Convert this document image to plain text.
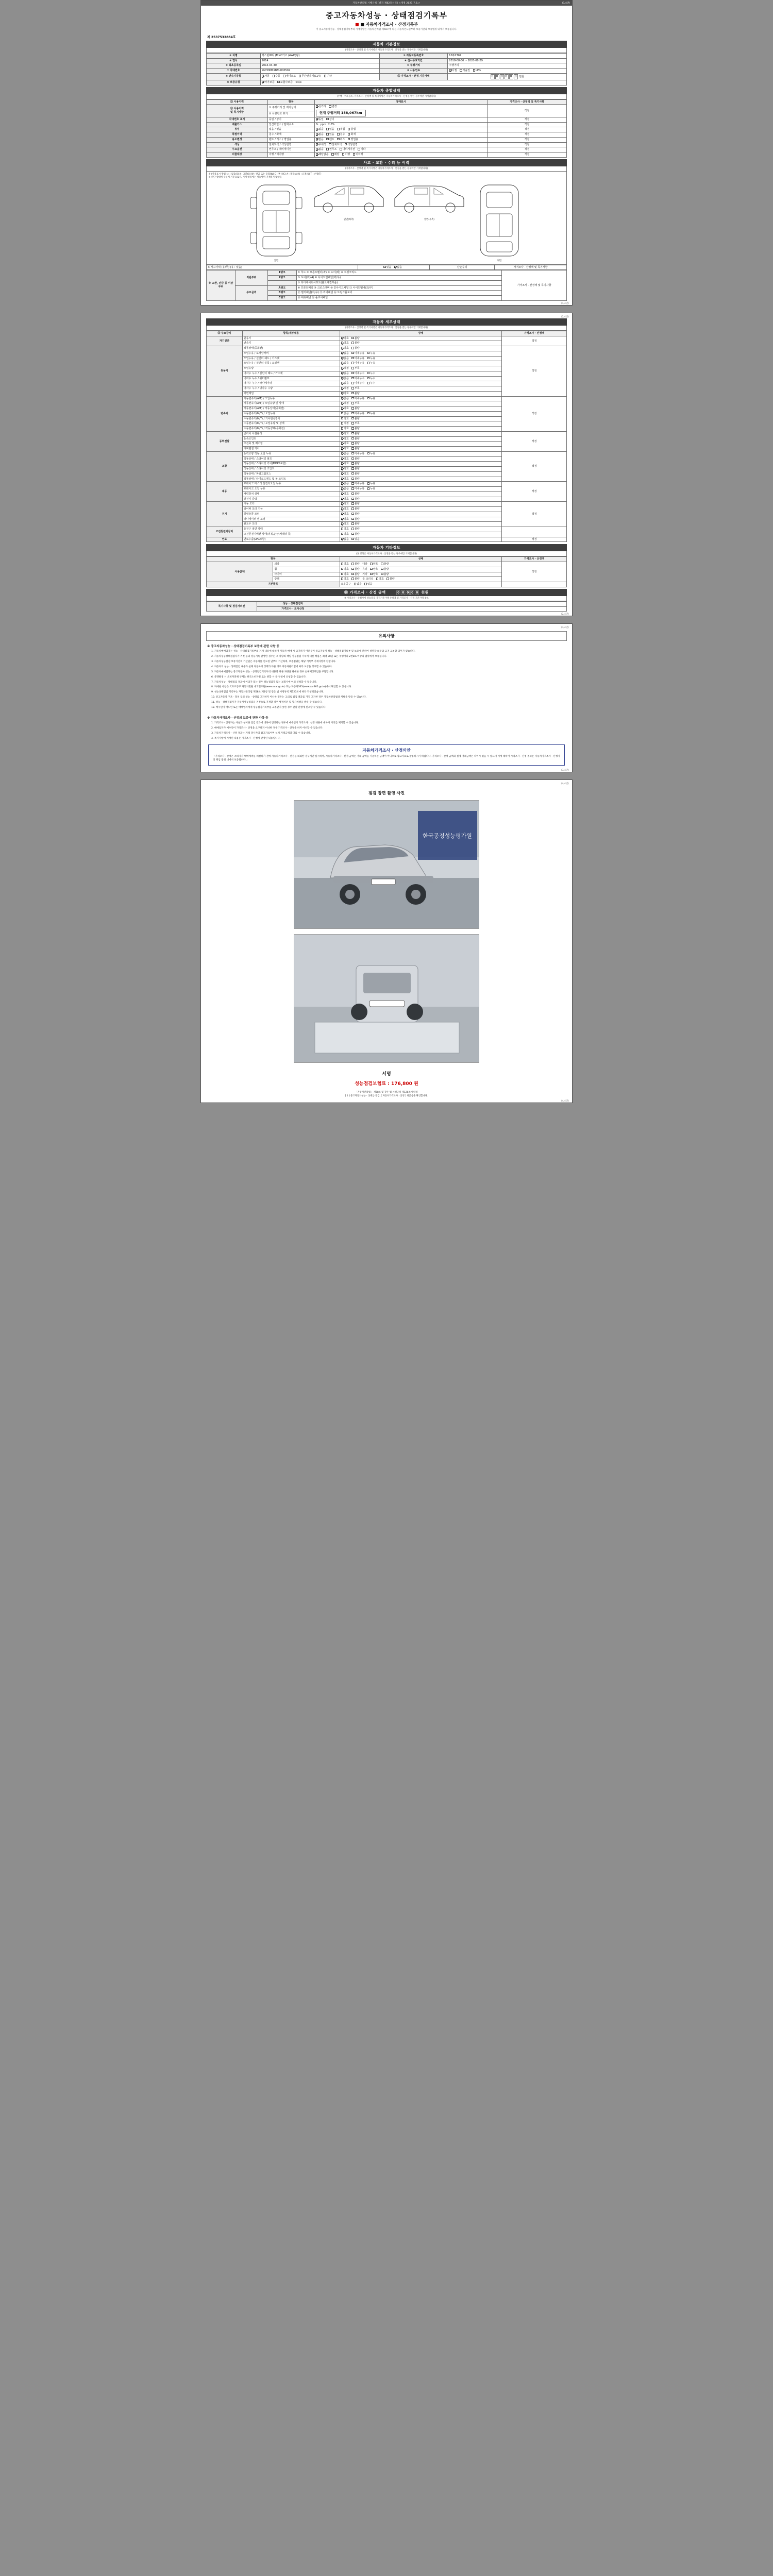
자동차관리법 시행규칙 [별지 제82호서식] <개정 2021.7.6.>	(1/4면)
중고자동차성능 · 상태점검기록부
■ ■ 자동차가격조사 · 산정기록부
이 중고자동차성능 · 상태점검기록부의 기재사항은 자동차관리법 제58조에 따른 자동차인도일부터 보증기간과 보증범위 내에서 보증됩니다.
제 2537532884호
자동차 기본정보
(가격조사 · 산정액 및 특기사항은 자동차가격조사 · 산정을 받는 경우에만 기재합니다)
① 차명	렉스턴W리 (M×C카고 (4WD)왕)	② 자동차등록번호	10투2767
③ 연식	2014	④ 검사유효기간	2018-08-30 ~ 2020-08-29
⑤ 최초등록일	2014-04-30	⑥ 주행거리	주행거리
⑦ 차대번호	KMHDM01BEU000502	⑧ 사용연료	디젤 가솔린 LPG
⑨ 변속기종류	자동 수동 세미오토 무단변속기(CVT) 기타	⑪ 가격조사 · 산정 기준가액	0 0 0 0 0 0 천원
⑩ 보증유형	자가보증 보험사보증 04㎞		
자동차 종합상태
(주행 · 주요골조, 가격조사 · 산정액 및 특기사항은 자동차가격조사 · 산정을 받는 경우에만 기재합니다)
⑫ 사용이력	항목	상태표시	가격조사 · 산정액 및 특기사항
⑫ 사용이력
및 특기사항	① 주행거리 및 계기상태	실거리 변경
현재 주행거리 158,067km	적정
	② 차량번호 표기		
차대번호 표기	동일 / 상이	동일 상이	적정
배출가스	일산화탄소 / 탄화수소	% ppm 2.0%	적정
튜닝	없음 / 있음	없음 있음 적법 불법	적정
특별이력	침수 / 화재	없음 있음 침수 화재	적정
용도변경	렌트 / 리스 / 영업용	없음 렌트 리스 영업용	적정
색상	전체도색 / 색상변경	무채색 전체도색 색상변경	적정
주요옵션	썬루프 / 내비게이션	없음 썬루프 내비게이션 기타	적정
리콜대상	이행 / 미이행	해당없음 해당 이행 미이행	적정
사고 · 교환 · 수리 등 이력
(가격조사 · 산정액 및 특기사항은 자동차가격조사 · 산정을 받는 경우에만 기재합니다)
※ (사용표시 방법) ○ : 없음(0) X : 교환(X) W : 판금 또는 용접(W) C : 부식(C) A : 흠집(A) U : 요철(U) T : 손상(T)
※ 하단 상태에 수불계 기준으로서, 기재 항목에는 성능행위 기재하지 않았음
앞면
옆면(좌측)	옆면(우측)
뒷면
※ 사고이력 (유/무) (유 : 있음)	있음 없음	단순수리	가격조사 · 산정액 및 특기사항
※ 교환, 판금 등 이상 부위	외판부위	1랭크	① 후드 ② 프론트휀더(좌) ③ 도어(좌) ④ 트렁크리드	가격조사 · 산정액 및 특기사항
		2랭크	⑤ 도어(우)(4) ⑥ 사이드씰패널(좌/우)	
			⑦ 라디에이터서포트(볼트체결부품)	
	주요골격	A랭크	⑧ 프론트패널 ⑨ 크로스멤버 ⑩ 인사이드패널 ⑪ 사이드멤버(좌/우)	
		B랭크	⑫ 필러패널(좌/우) ⑬ 리어패널 ⑭ 트렁크플로어	
		C랭크	⑮ 대쉬패널 ⑯ 플로어패널	
(1/4면)
(2/4면)
자동차 세부상태
(가격조사 · 산정액 및 특기사항은 자동차가격조사 · 산정을 받는 경우에만 기재합니다)
⑬ 주요장치	항목/세부내용	상태	가격조사 · 산정액
자기진단	원동기	양호 불량	적정
	변속기	양호 불량	
원동기	작동상태(공회전)	양호 불량	적정
	오일누유 / 로커암커버	없음 미세누유 누유	
	오일누유 / 실린더 헤드 / 가스켓	없음 미세누유 누유	
	오일누유 / 실린더 블록 / 오일팬	없음 미세누유 누유	
	오일유량	적정 부족	
	냉각수 누수 / 실린더 헤드 / 가스켓	없음 미세누수 누수	
	냉각수 누수 / 워터펌프	없음 미세누수 누수	
	냉각수 누수 / 라디에이터	없음 미세누수 누수	
	냉각수 누수 / 냉각수 수량	적정 부족	
	커먼레일	양호 불량	
변속기	자동변속기(A/T) / 오일누유	없음 미세누유 누유	적정
	자동변속기(A/T) / 오일유량 및 상태	적정 부족	
	자동변속기(A/T) / 작동상태(공회전)	양호 불량	
	수동변속기(M/T) / 오일누유	없음 미세누유 누유	
	수동변속기(M/T) / 기어변속장치	양호 불량	
	수동변속기(M/T) / 오일유량 및 상태	적정 부족	
	수동변속기(M/T) / 작동상태(공회전)	양호 불량	
동력전달	클러치 어셈블리	양호 불량	적정
	등속조인트	양호 불량	
	추진축 및 베어링	양호 불량	
	디퍼렌셜 기어	양호 불량	
조향	동력조향 작동 오일 누유	없음 미세누유 누유	적정
	작동상태 / 스티어링 펌프	양호 불량	
	작동상태 / 스티어링 기어(MDPS포함)	양호 불량	
	작동상태 / 스티어링 조인트	양호 불량	
	작동상태 / 파워고압호스	양호 불량	
	작동상태 / 타이로드엔드 및 볼 조인트	양호 불량	
제동	브레이크 마스터 실린더오일 누유	없음 미세누유 누유	적정
	브레이크 오일 누유	없음 미세누유 누유	
	배력장치 상태	양호 불량	
	발전기 출력	양호 불량	
전기	시동 모터	양호 불량	적정
	와이퍼 모터 기능	양호 불량	
	실내송풍 모터	양호 불량	
	라디에이터 팬 모터	양호 불량	
	윈도우 모터	양호 불량	
고전원전기장치	충전구 절연 상태	양호 불량	
	고전원전기배선 상태(피복,손상,커넥터 등)	양호 불량	
연료	연료누출(LPG포함)	없음 있음	적정
자동차 기타정보
(⑭ 항목은 자동차가격조사 · 산정을 받는 경우에만 기재합니다)
항목		상태	가격조사 · 산정액
사용값내	외장	양호 불량 내장 양호 불량	적정
	휠	양호 불량 유리 양호 불량	
	타이어	양호 불량 기타 양호 불량	
	광택	양호 불량 룸 크리닝 양호 불량	
기본품목		보유공구 없음 있음	
⑭ 가격조사 · 산정 금액	0 0 0 0 0 천원
※ 가격조사 · 산정자에 성능점검 가격기준가액 산정액 및 가격조사 · 산정 기준가액 참조
특기사항 및 점검자의견	성능 · 상태점검자	
	가격조사 · 조사산정	
(2/4면)
(3/4면)
유의사항
※ 중고자동차성능 · 상태점검기록부 보증에 관한 사항 등
1. 자동차매매업자는 성능 · 상태점검기록부의 기재 내용에 대하여 자동차 매매 시 고지하기 어려우며 중고자동차 성능 · 상태점검기록부 및 보증에 관하여 설명할 의무와 고지 교부할 의무가 있습니다.
2. 자동차성능상태점검자가 거짓 등의 성능기록 발생한 경우는 그 차량의 책임 성능점검 기록에 대한 책임은 최대 30일 또는 주행거리 2천km 이상의 범위에서 보증됩니다.
3. 자동차성능점검 보증기간의 기산일은 자동차를 인도한 날부터 기산하며, 보증범위는 해당 기록부 기재사항에 한합니다.
4. 자동차의 성능 · 상태점검 내용과 실제 자동차의 상태가 다른 경우 자동차관리법에 따라 보상을 청구할 수 있습니다.
5. 자동차매매업자는 중고자동차 성능 · 상태점검기록부의 내용과 다른 차량을 판매한 경우 손해배상책임을 부담합니다.
6. 분쟁발생 시 소비자피해 구제는 한국소비자원 또는 관할 시·군·구청에 신청할 수 있습니다.
7. 자동차성능 · 상태점검 결과에 이의가 있는 경우 성능점검자 또는 보험사에 이의 신청할 수 있습니다.
8. 자세한 사항은 국토교통부 자동차민원 대국민포털(www.ecar.go.kr) 또는 자동차365(www.car365.go.kr)에서 확인할 수 있습니다.
9. 성능상태점검 기록부는 자동차관리법 제58조 제1항 및 같은 법 시행규칙 제120조에 따라 작성되었습니다.
10. 중고자동차 구조 · 장치 등의 성능 · 상태를 고지하지 아니한 경우는 고의로 점검 결과를 거짓 고지한 경우 자동차관리법상 처벌을 받을 수 있습니다.
11. 성능 · 상태점검자가 자동차성능점검을 거짓으로 기재할 경우 행정처분 및 형사처벌을 받을 수 있습니다.
12. 매수인이 매도인 또는 매매업자에게 성능점검기록부를 교부받지 못한 경우 관할 관청에 신고할 수 있습니다.
※ 자동차가격조사 · 산정의 보증에 관한 사항 등
1. 가격조사 · 산정자는 사실과 상이한 점검 결과에 대하여 인정하는 경우에 매수인이 가격조사 · 산정 내용에 대하여 이의를 제기할 수 있습니다.
2. 매매업자가 매수인이 가격조사 · 산정을 요구하지 아니한 경우 가격조사 · 산정을 하지 아니할 수 있습니다.
3. 자동차가격조사 · 산정 결과는 거래 당사자의 참고자료이며 실제 거래금액과 다를 수 있습니다.
4. 특기사항에 기재된 내용은 가격조사 · 산정에 반영된 내용입니다.
자동차가격조사 · 산정의안

「가격조사 · 산정은 소비자가 매매계약을 체결하기 전에 자동차가격조사 · 산정을 의뢰한 경우에만 실시하며, 자동차가격조사 · 산정 금액은 거래 금액을 기준하는 금액이 아니므로 참고자료로 활용하시기 바랍니다. 가격조사 · 산정 금액과 실제 거래금액은 차이가 있을 수 있으며 이에 대하여 가격조사 · 산정 결과는 자동차가격조사 · 산정자의 책임 범위 내에서 보증됩니다.」

(3/4면)
(4/4면)
점검 장면 촬영 사진
한국공정성능평가원
서명
성능점검보험료 : 176,800 원
「자동차관리법」 제58조 및 같은 법 시행규칙 제120조에 따라
[ 1 ] 중고자동차성능 · 상태를 점검, [ 자동차가격조사 · 산정 ] 하였음을 확인합니다.
(4/4면)
